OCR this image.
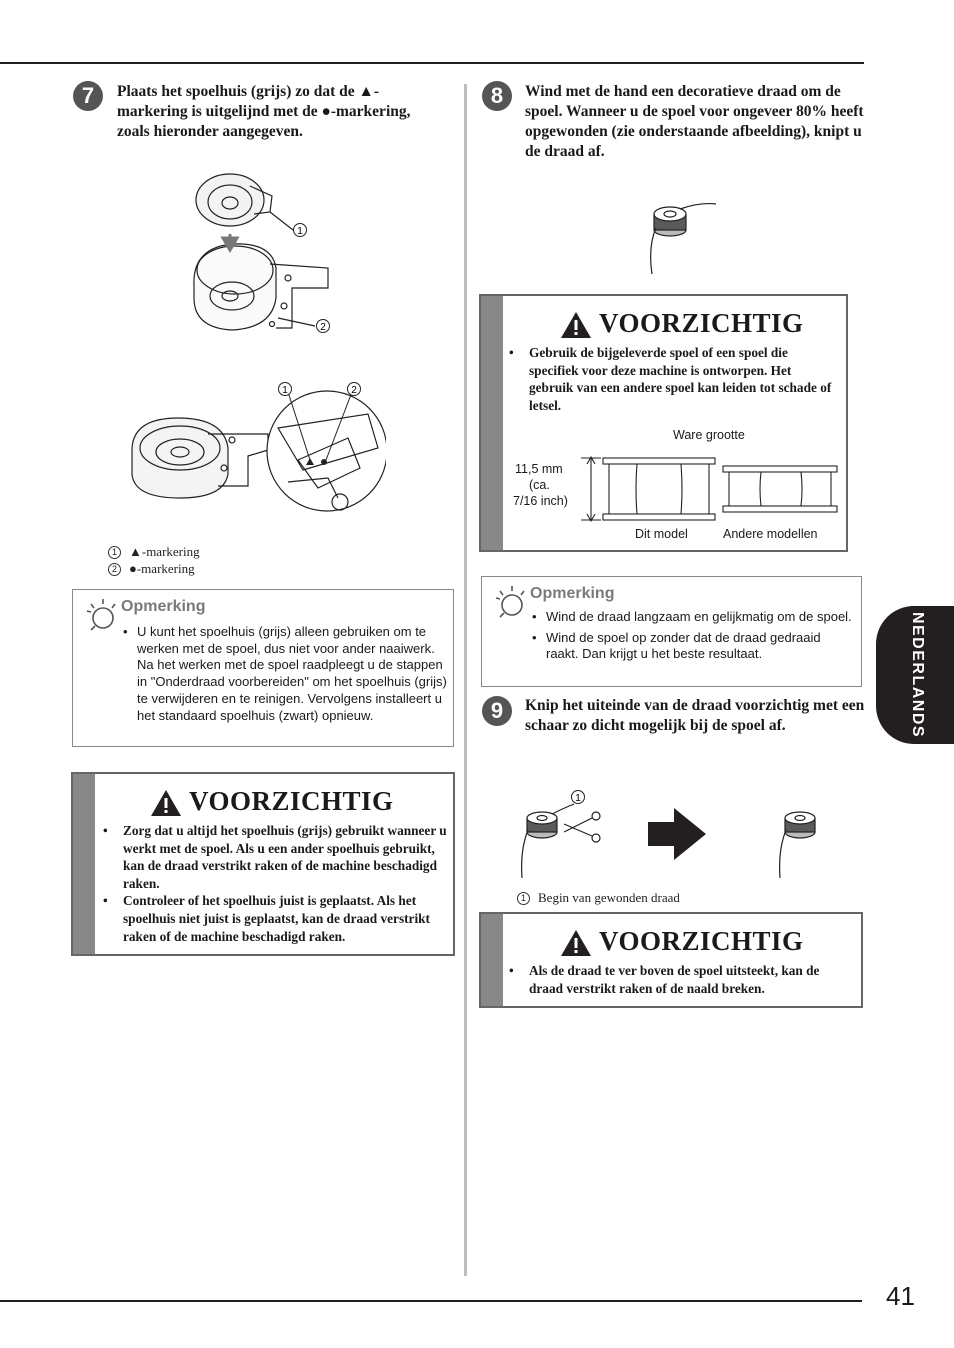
7	Plaats het spoelhuis (grijs) zo dat de ▲-markering is uitgelijnd met de ●-markering, zoals hieronder aangegeven.
1
2
1	2
1 ▲-markering
2 ●-markering
Opmerking
• U kunt het spoelhuis (grijs) alleen gebruiken om te werken met de spoel, dus niet voor ander naaiwerk. Na het werken met de spoel raadpleegt u de stappen in "Onderdraad voorbereiden" om het spoelhuis (grijs) te verwijderen en te reinigen. Vervolgens installeert u het standaard spoelhuis (zwart) opnieuw.
VOORZICHTIG
• Zorg dat u altijd het spoelhuis (grijs) gebruikt wanneer u werkt met de spoel. Als u een ander spoelhuis gebruikt, kan de draad verstrikt raken of de machine beschadigd raken.
• Controleer of het spoelhuis juist is geplaatst. Als het spoelhuis niet juist is geplaatst, kan de draad verstrikt raken of de machine beschadigd raken.
8	Wind met de hand een decoratieve draad om de spoel. Wanneer u de spoel voor ongeveer 80% heeft opgewonden (zie onderstaande afbeelding), knipt u de draad af.
VOORZICHTIG
• Gebruik de bijgeleverde spoel of een spoel die specifiek voor deze machine is ontworpen. Het gebruik van een andere spoel kan leiden tot schade of letsel.
Ware grootte
11,5 mm
(ca.
7/16 inch)
Dit model	Andere modellen
Opmerking
• Wind de draad langzaam en gelijkmatig om de spoel.
• Wind de spoel op zonder dat de draad gedraaid raakt. Dan krijgt u het beste resultaat.
9	Knip het uiteinde van de draad voorzichtig met een schaar zo dicht mogelijk bij de spoel af.
1
1 Begin van gewonden draad
VOORZICHTIG
• Als de draad te ver boven de spoel uitsteekt, kan de draad verstrikt raken of de naald breken.
NEDERLANDS
41
